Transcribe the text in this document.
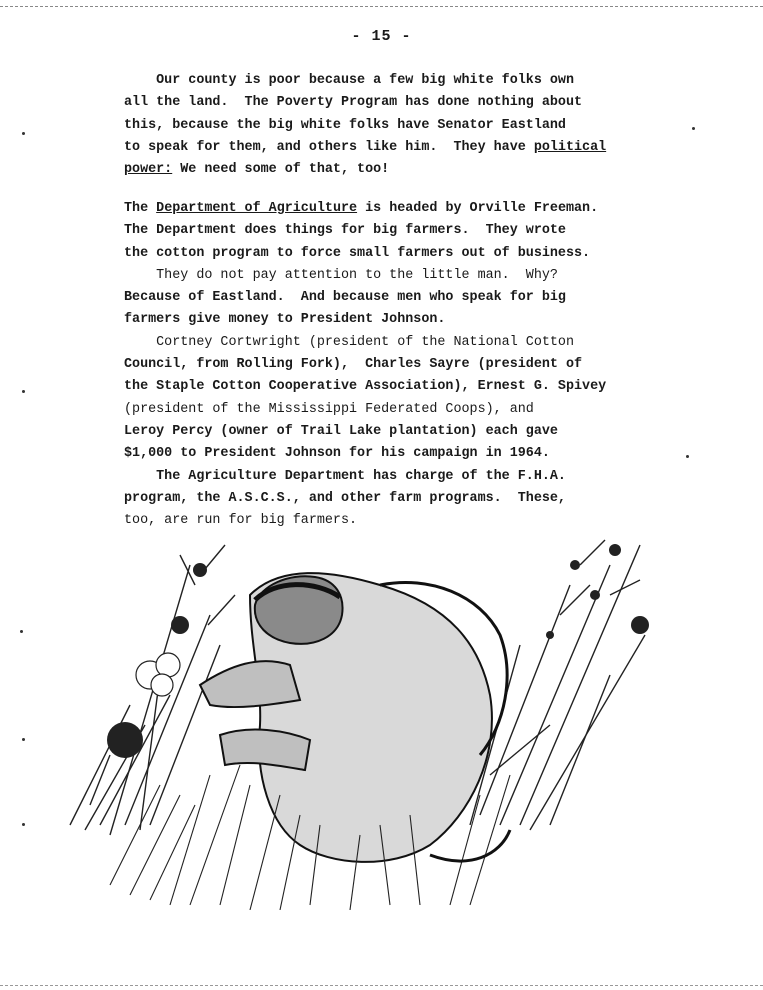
- 15 -
Our county is poor because a few big white folks own
all the land.  The Poverty Program has done nothing about
this, because the big white folks have Senator Eastland
to speak for them, and others like him.  They have political
power: We need some of that, too!
The Department of Agriculture is headed by Orville Freeman.
The Department does things for big farmers.  They wrote
the cotton program to force small farmers out of business.
They do not pay attention to the little man.  Why?
Because of Eastland.  And because men who speak for big
farmers give money to President Johnson.
Cortney Cortwright (president of the National Cotton
Council, from Rolling Fork),  Charles Sayre (president of
the Staple Cotton Cooperative Association), Ernest G. Spivey
(president of the Mississippi Federated Coops), and
Leroy Percy (owner of Trail Lake plantation) each gave
$1,000 to President Johnson for his campaign in 1964.
The Agriculture Department has charge of the F.H.A.
program, the A.S.C.S., and other farm programs.  These,
too, are run for big farmers.
